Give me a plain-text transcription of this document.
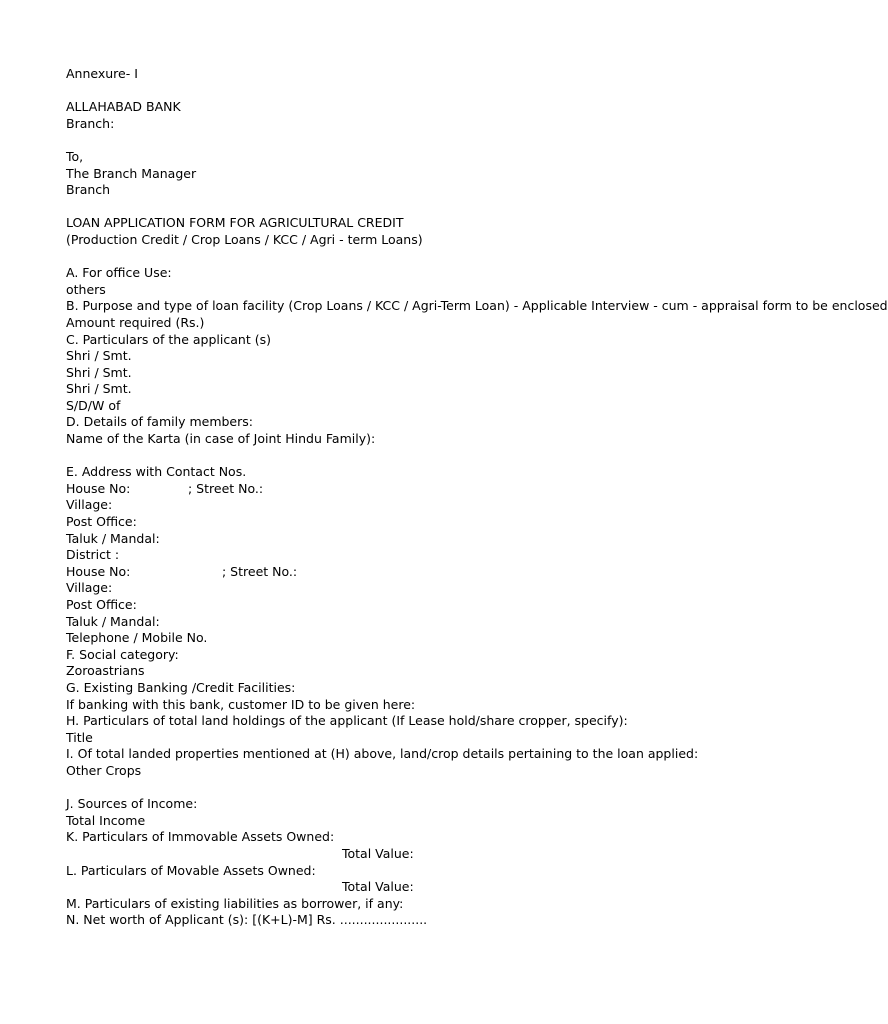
Annexure- I
ALLAHABAD BANK
Branch:
To,
The Branch Manager
Branch
LOAN APPLICATION FORM FOR AGRICULTURAL CREDIT
(Production Credit / Crop Loans / KCC / Agri - term Loans)
A. For office Use:
others
B. Purpose and type of loan facility (Crop Loans / KCC / Agri-Term Loan) - Applicable Interview - cum - appraisal form to be enclosed
Amount required (Rs.)
C. Particulars of the applicant (s)
Shri / Smt.
Shri / Smt.
Shri / Smt.
S/D/W of
D. Details of family members:
Name of the Karta (in case of Joint Hindu Family):
E. Address with Contact Nos.
House No:	; Street No.:
Village:
Post Office:
Taluk / Mandal:
District :
House No:	; Street No.:
Village:
Post Office:
Taluk / Mandal:
Telephone / Mobile No.
F. Social category:
Zoroastrians
G. Existing Banking /Credit Facilities:
If banking with this bank, customer ID to be given here:
H. Particulars of total land holdings of the applicant (If Lease hold/share cropper, specify):
Title
I. Of total landed properties mentioned at (H) above, land/crop details pertaining to the loan applied:
Other Crops
J. Sources of Income:
Total Income
K. Particulars of Immovable Assets Owned:
Total Value:
L. Particulars of Movable Assets Owned:
Total Value:
M. Particulars of existing liabilities as borrower, if any:
N. Net worth of Applicant (s): [(K+L)-M] Rs. ......................
